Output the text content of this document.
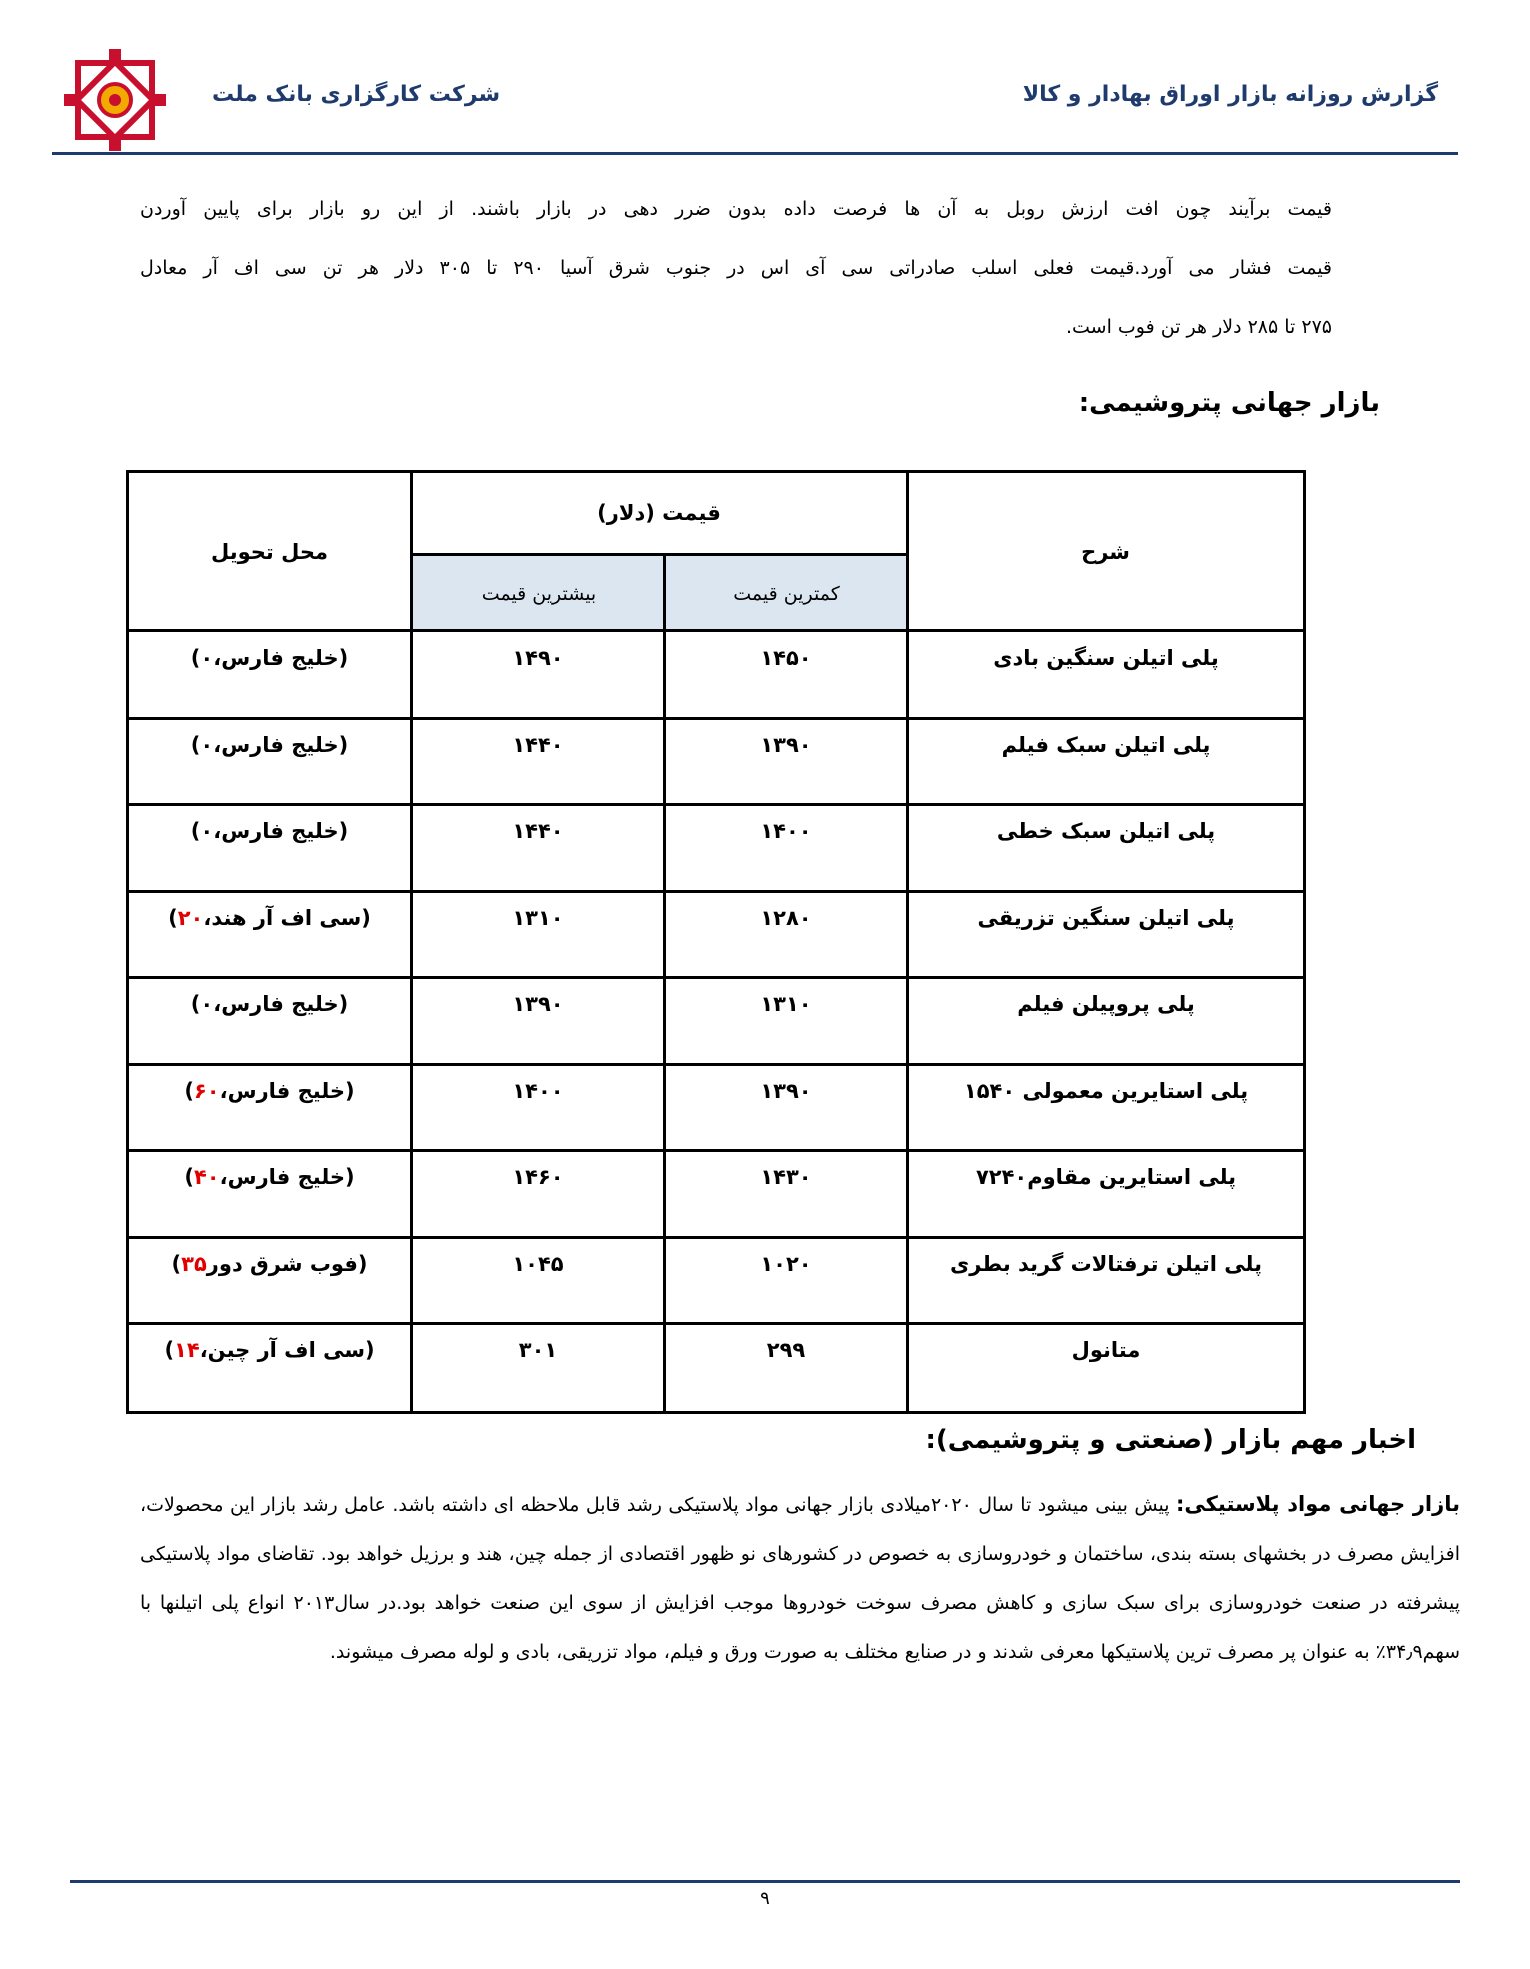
گزارش روزانه بازار اوراق بهادار و کالا
شرکت کارگزاری بانک ملت
قیمت برآیند چون افت ارزش روبل به آن ها فرصت داده بدون ضرر دهی در بازار باشند. از این رو بازار برای پایین آوردن
قیمت فشار می آورد.قیمت فعلی اسلب صادراتی سی آی اس در جنوب شرق آسیا ۲۹۰ تا ۳۰۵ دلار هر تن سی اف آر معادل
۲۷۵ تا ۲۸۵ دلار هر تن فوب است.
بازار جهانی پتروشیمی:
شرح
قیمت (دلار)
کمترین قیمت
بیشترین قیمت
محل تحویل
پلی اتیلن سنگین بادی
۱۴۵۰
۱۴۹۰
(خلیج فارس،
۰
)
پلی اتیلن سبک فیلم
۱۳۹۰
۱۴۴۰
(خلیج فارس،
۰
)
پلی اتیلن سبک خطی
۱۴۰۰
۱۴۴۰
(خلیج فارس،
۰
)
پلی اتیلن سنگین تزریقی
۱۲۸۰
۱۳۱۰
(سی اف آر هند،
۲۰
)
پلی پروپیلن فیلم
۱۳۱۰
۱۳۹۰
(خلیج فارس،
۰
)
پلی استایرین معمولی ۱۵۴۰
۱۳۹۰
۱۴۰۰
(خلیج فارس،
۶۰
)
پلی استایرین مقاوم۷۲۴۰
۱۴۳۰
۱۴۶۰
(خلیج فارس،
۴۰
)
پلی اتیلن ترفتالات گرید بطری
۱۰۲۰
۱۰۴۵
(فوب شرق دور
۳۵
)
متانول
۲۹۹
۳۰۱
(سی اف آر چین،
۱۴
)
اخبار مهم بازار (صنعتی و پتروشیمی):
بازار جهانی مواد پلاستیکی: پیش بینی میشود تا سال ۲۰۲۰میلادی بازار جهانی مواد پلاستیکی رشد قابل ملاحظه ای داشته باشد. عامل رشد بازار این محصولات، افزایش مصرف در بخشهای بسته بندی، ساختمان و خودروسازی به خصوص در کشورهای نو ظهور اقتصادی از جمله چین، هند و برزیل خواهد بود. تقاضای مواد پلاستیکی پیشرفته در صنعت خودروسازی برای سبک سازی و کاهش مصرف سوخت خودروها موجب افزایش از سوی این صنعت خواهد بود.در سال۲۰۱۳ انواع پلی اتیلنها با سهم۳۴٫۹٪ به عنوان پر مصرف ترین پلاستیکها معرفی شدند و در صنایع مختلف به صورت ورق و فیلم، مواد تزریقی، بادی و لوله مصرف میشوند.
۹
